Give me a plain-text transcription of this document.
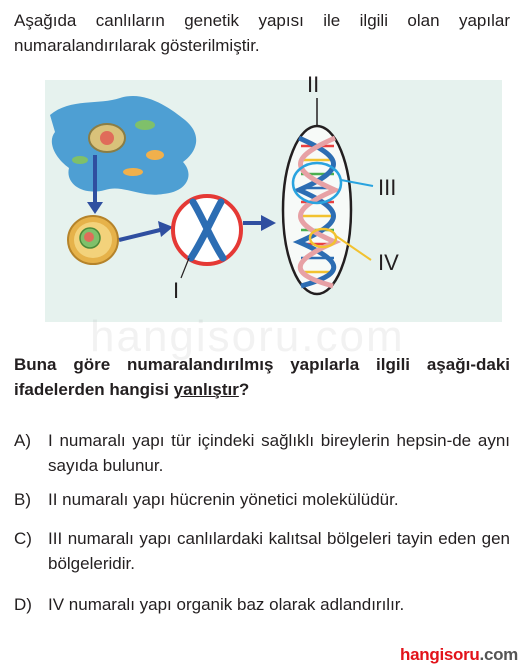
Aşağıda canlıların genetik yapısı ile ilgili olan yapılar numaralandırılarak gösterilmiştir.

I
II
III
IV
hangisoru.com

Buna göre numaralandırılmış yapılarla ilgili aşağı-daki ifadelerden hangisi yanlıştır?

A)	I numaralı yapı tür içindeki sağlıklı bireylerin hepsin-de aynı sayıda bulunur.
B)	II numaralı yapı hücrenin yönetici molekülüdür.
C) III numaralı yapı canlılardaki kalıtsal bölgeleri tayin eden gen bölgeleridir.
D) IV numaralı yapı organik baz olarak adlandırılır.
hangisoru.com
